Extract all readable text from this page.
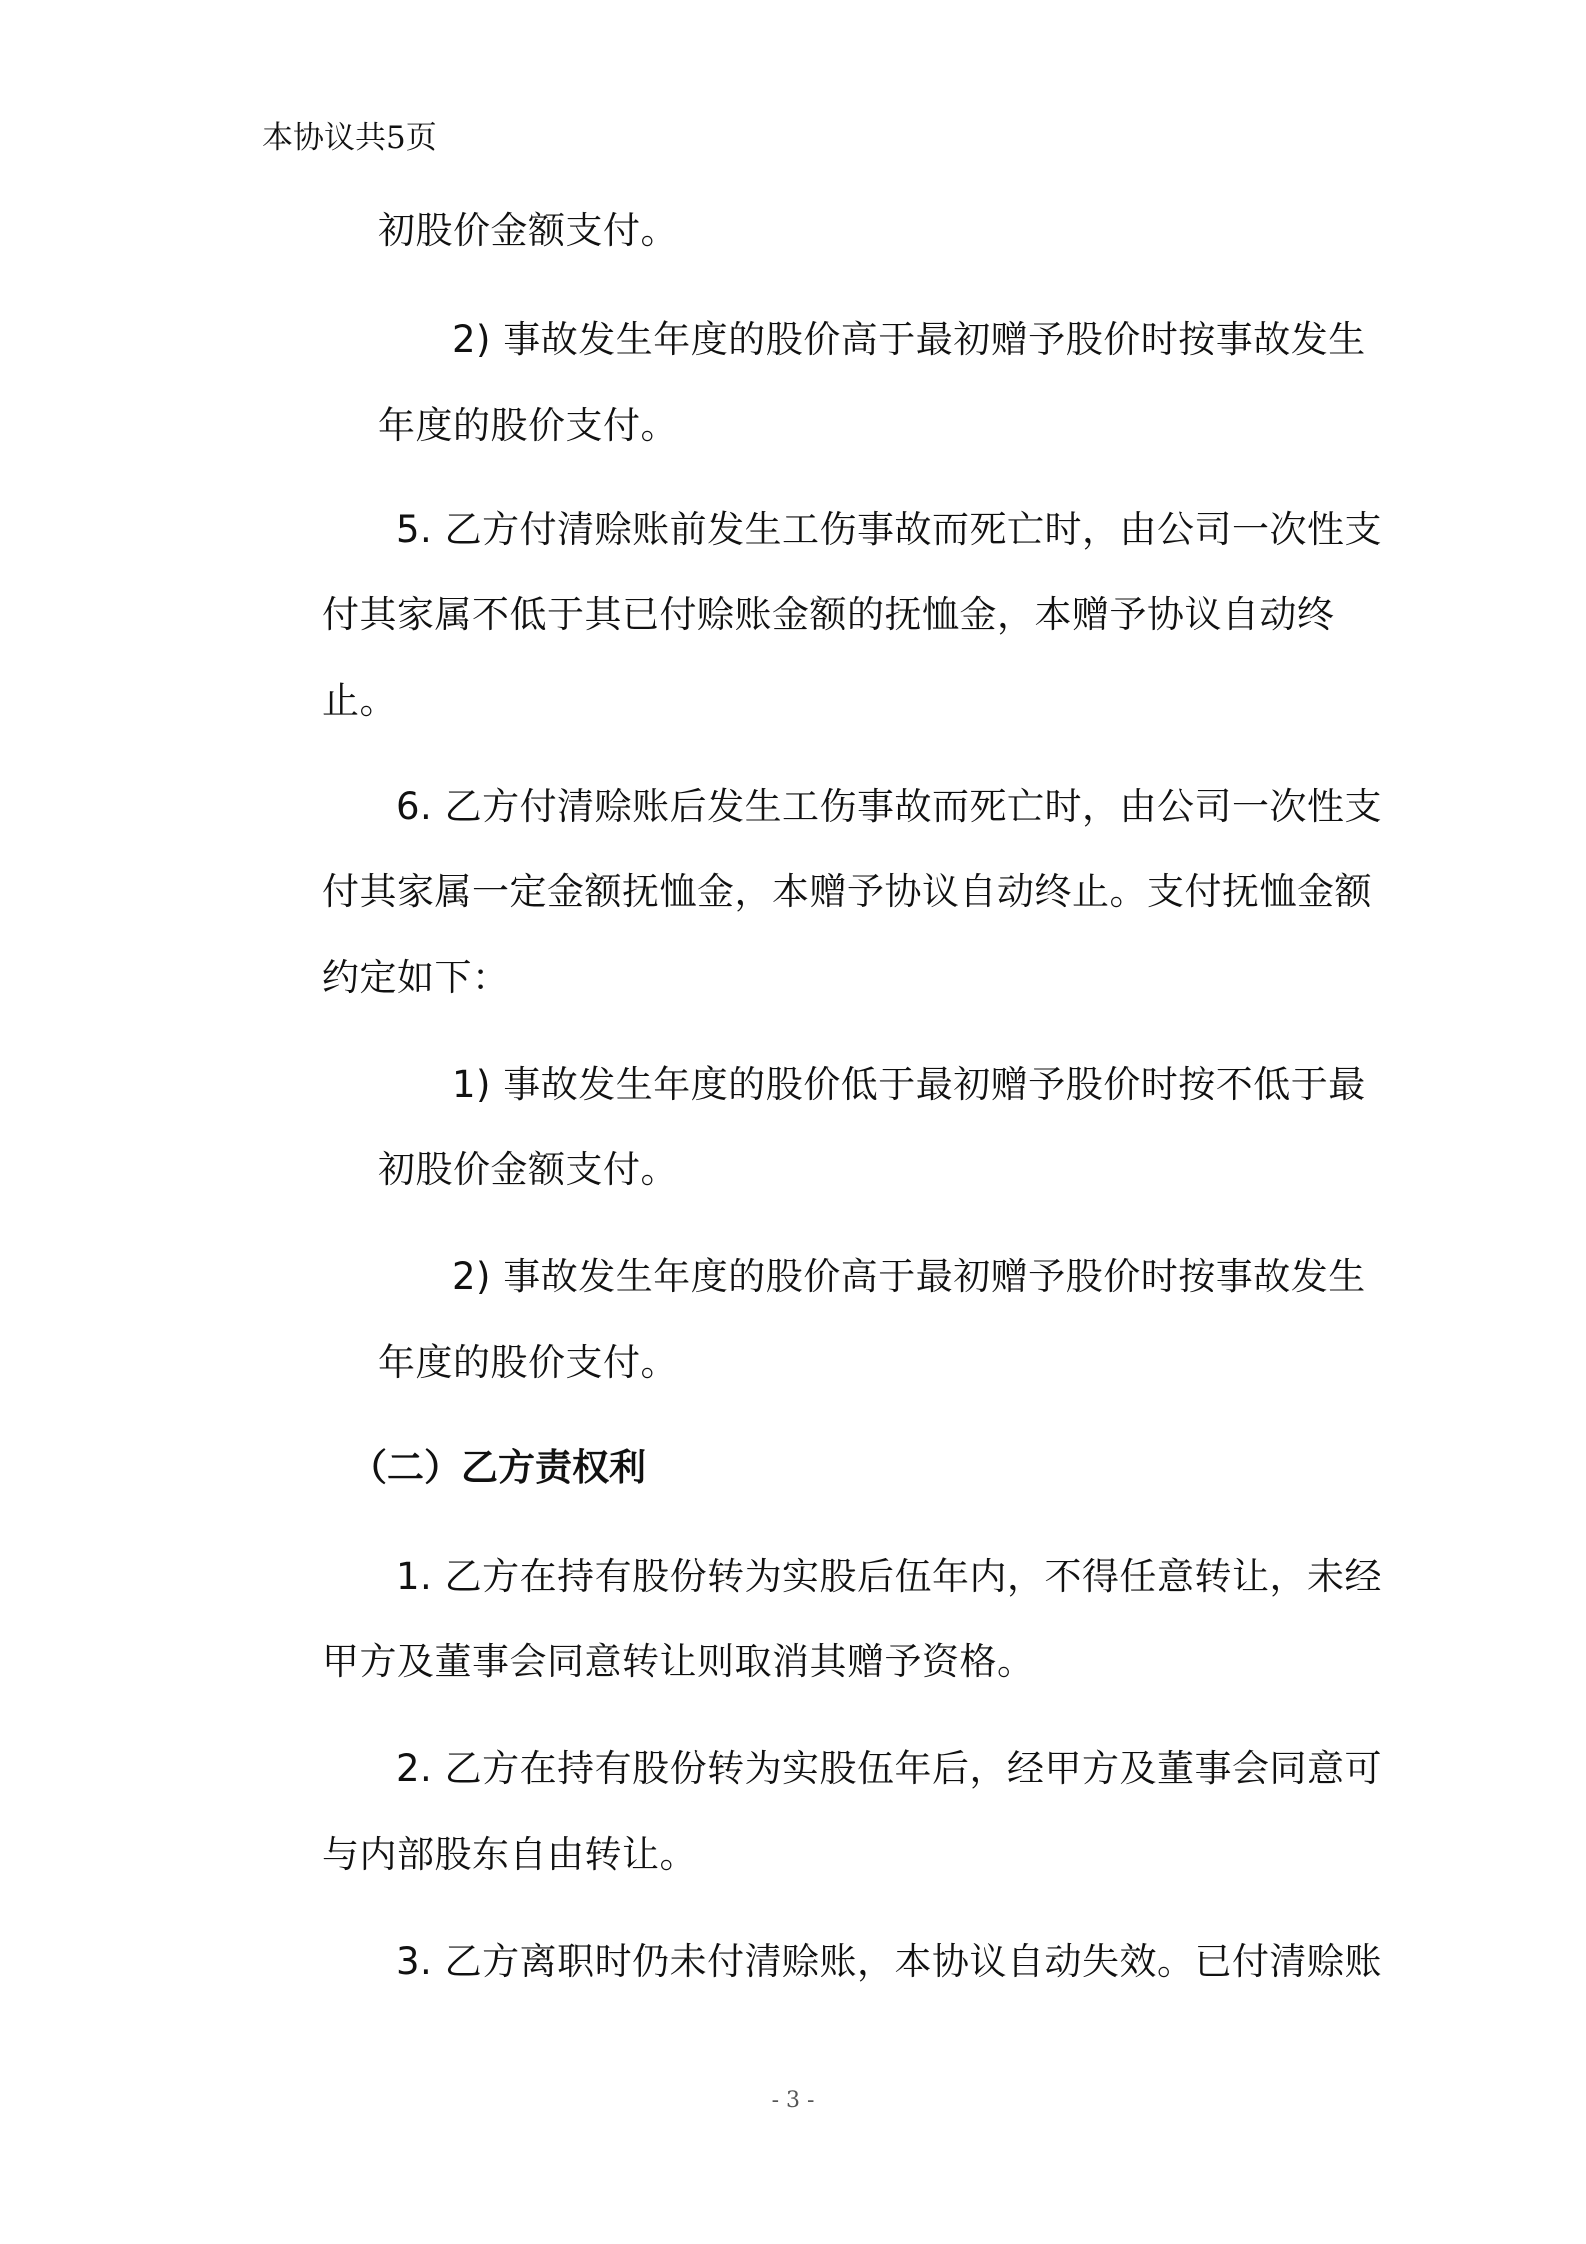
本协议共5页
初股价金额支付。
2) 事故发生年度的股价高于最初赠予股价时按事故发生
年度的股价支付。
5. 乙方付清赊账前发生工伤事故而死亡时，由公司一次性支
付其家属不低于其已付赊账金额的抚恤金，本赠予协议自动终
止。
6. 乙方付清赊账后发生工伤事故而死亡时，由公司一次性支
付其家属一定金额抚恤金，本赠予协议自动终止。支付抚恤金额
约定如下：
1) 事故发生年度的股价低于最初赠予股价时按不低于最
初股价金额支付。
2) 事故发生年度的股价高于最初赠予股价时按事故发生
年度的股价支付。
（二）乙方责权利
1. 乙方在持有股份转为实股后伍年内，不得任意转让，未经
甲方及董事会同意转让则取消其赠予资格。
2. 乙方在持有股份转为实股伍年后，经甲方及董事会同意可
与内部股东自由转让。
3. 乙方离职时仍未付清赊账，本协议自动失效。已付清赊账
- 3 -
